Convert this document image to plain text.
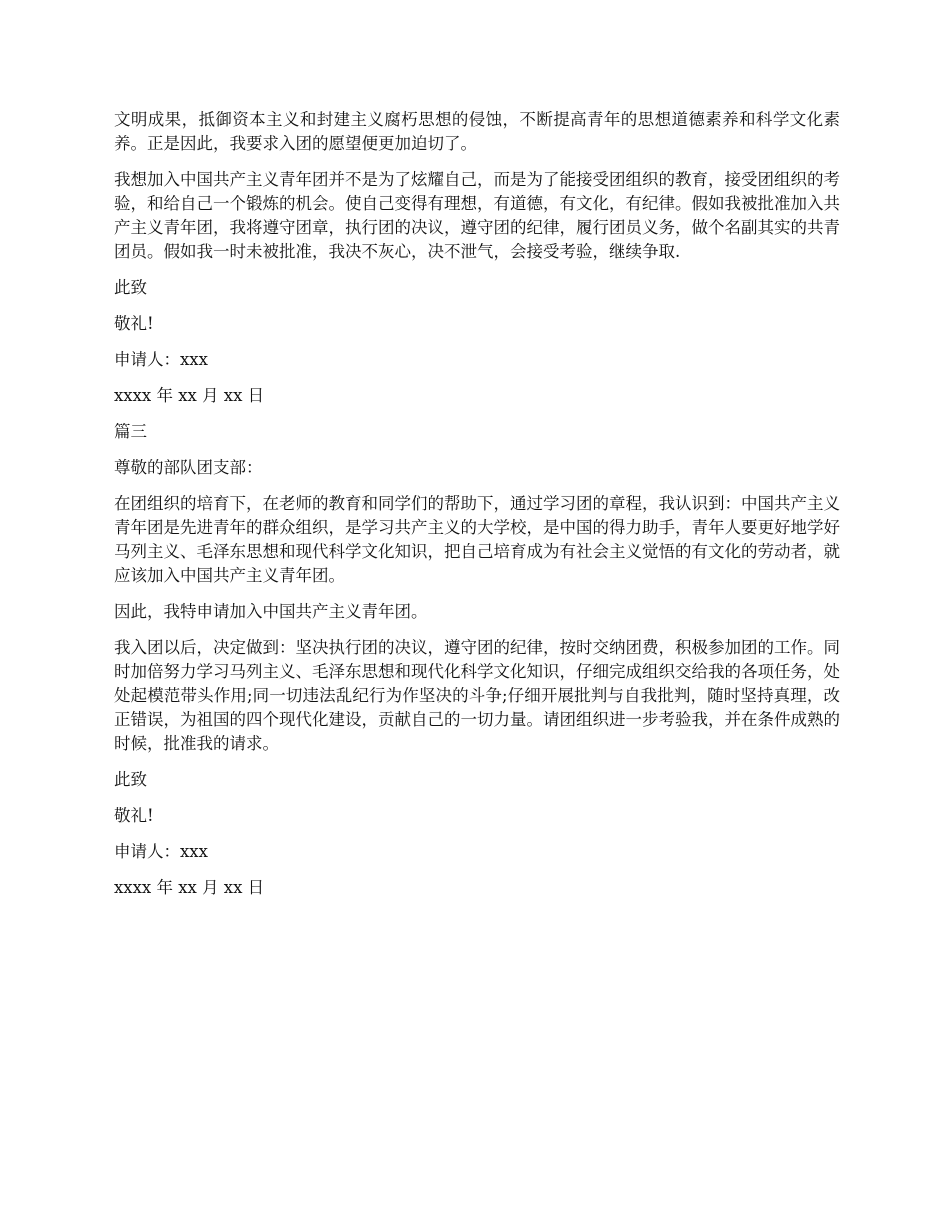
文明成果，抵御资本主义和封建主义腐朽思想的侵蚀，不断提高青年的思想道德素养和科学文化素养。正是因此，我要求入团的愿望便更加迫切了。

我想加入中国共产主义青年团并不是为了炫耀自己，而是为了能接受团组织的教育，接受团组织的考验，和给自己一个锻炼的机会。使自己变得有理想，有道德，有文化，有纪律。假如我被批准加入共产主义青年团，我将遵守团章，执行团的决议，遵守团的纪律，履行团员义务，做个名副其实的共青团员。假如我一时未被批准，我决不灰心，决不泄气，会接受考验，继续争取.

此致

敬礼!

申请人：xxx

xxxx 年 xx 月 xx 日

篇三

尊敬的部队团支部：

在团组织的培育下，在老师的教育和同学们的帮助下，通过学习团的章程，我认识到：中国共产主义青年团是先进青年的群众组织，是学习共产主义的大学校，是中国的得力助手，青年人要更好地学好马列主义、毛泽东思想和现代科学文化知识，把自己培育成为有社会主义觉悟的有文化的劳动者，就应该加入中国共产主义青年团。

因此，我特申请加入中国共产主义青年团。

我入团以后，决定做到：坚决执行团的决议，遵守团的纪律，按时交纳团费，积极参加团的工作。同时加倍努力学习马列主义、毛泽东思想和现代化科学文化知识，仔细完成组织交给我的各项任务，处处起模范带头作用;同一切违法乱纪行为作坚决的斗争;仔细开展批判与自我批判，随时坚持真理，改正错误，为祖国的四个现代化建设，贡献自己的一切力量。请团组织进一步考验我，并在条件成熟的时候，批准我的请求。

此致

敬礼!

申请人：xxx

xxxx 年 xx 月 xx 日
